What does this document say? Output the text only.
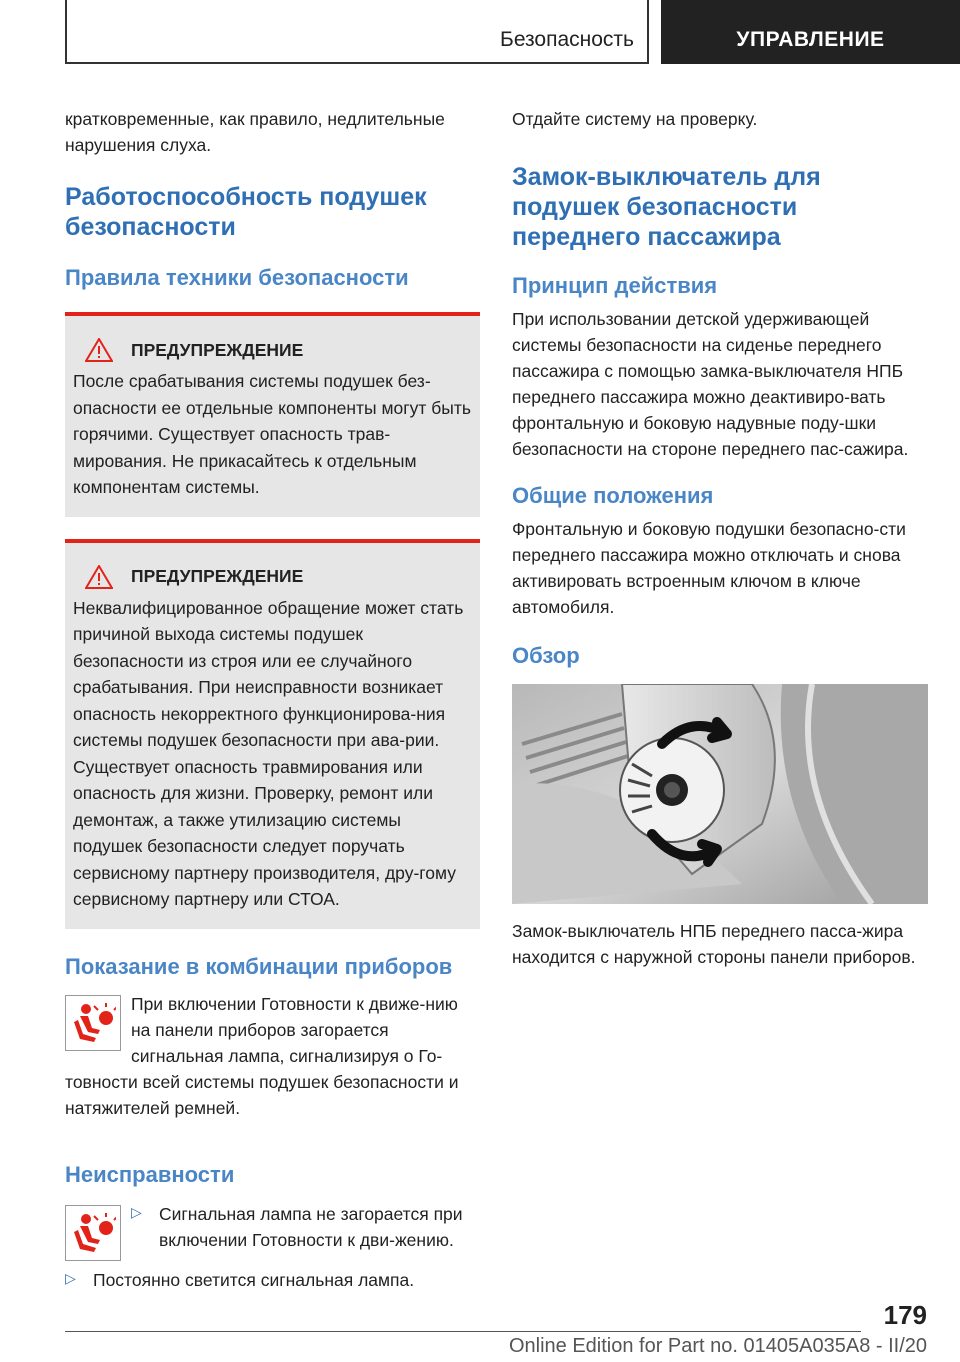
Безопасность	УПРАВЛЕНИЕ

кратковременные, как правило, недлительные нарушения слуха.

Работоспособность подушек безопасности
Правила техники безопасности
ПРЕДУПРЕЖДЕНИЕ

После срабатывания системы подушек без-опасности ее отдельные компоненты могут быть горячими. Существует опасность трав-мирования. Не прикасайтесь к отдельным компонентам системы.

ПРЕДУПРЕЖДЕНИЕ

Неквалифицированное обращение может стать причиной выхода системы подушек безопасности из строя или ее случайного срабатывания. При неисправности возникает опасность некорректного функционирова-ния системы подушек безопасности при ава-рии. Существует опасность травмирования или опасность для жизни. Проверку, ремонт или демонтаж, а также утилизацию системы подушек безопасности следует поручать сервисному партнеру производителя, дру-гому сервисному партнеру или СТОА.

Показание в комбинации приборов

При включении Готовности к движе-нию на панели приборов загорается сигнальная лампа, сигнализируя о Го-товности всей системы подушек безопасности и натяжителей ремней.

Неисправности
▷ Сигнальная лампа не загорается при включении Готовности к дви-жению.

▷ Постоянно светится сигнальная лампа.

Отдайте систему на проверку.

Замок-выключатель для подушек безопасности переднего пассажира
Принцип действия

При использовании детской удерживающей системы безопасности на сиденье переднего пассажира с помощью замка-выключателя НПБ переднего пассажира можно деактивиро-вать фронтальную и боковую надувные поду-шки безопасности на стороне переднего пас-сажира.

Общие положения

Фронтальную и боковую подушки безопасно-сти переднего пассажира можно отключать и снова активировать встроенным ключом в ключе автомобиля.

Обзор

Замок-выключатель НПБ переднего пасса-жира находится с наружной стороны панели приборов.

179
Online Edition for Part no. 01405A035A8 - II/20
